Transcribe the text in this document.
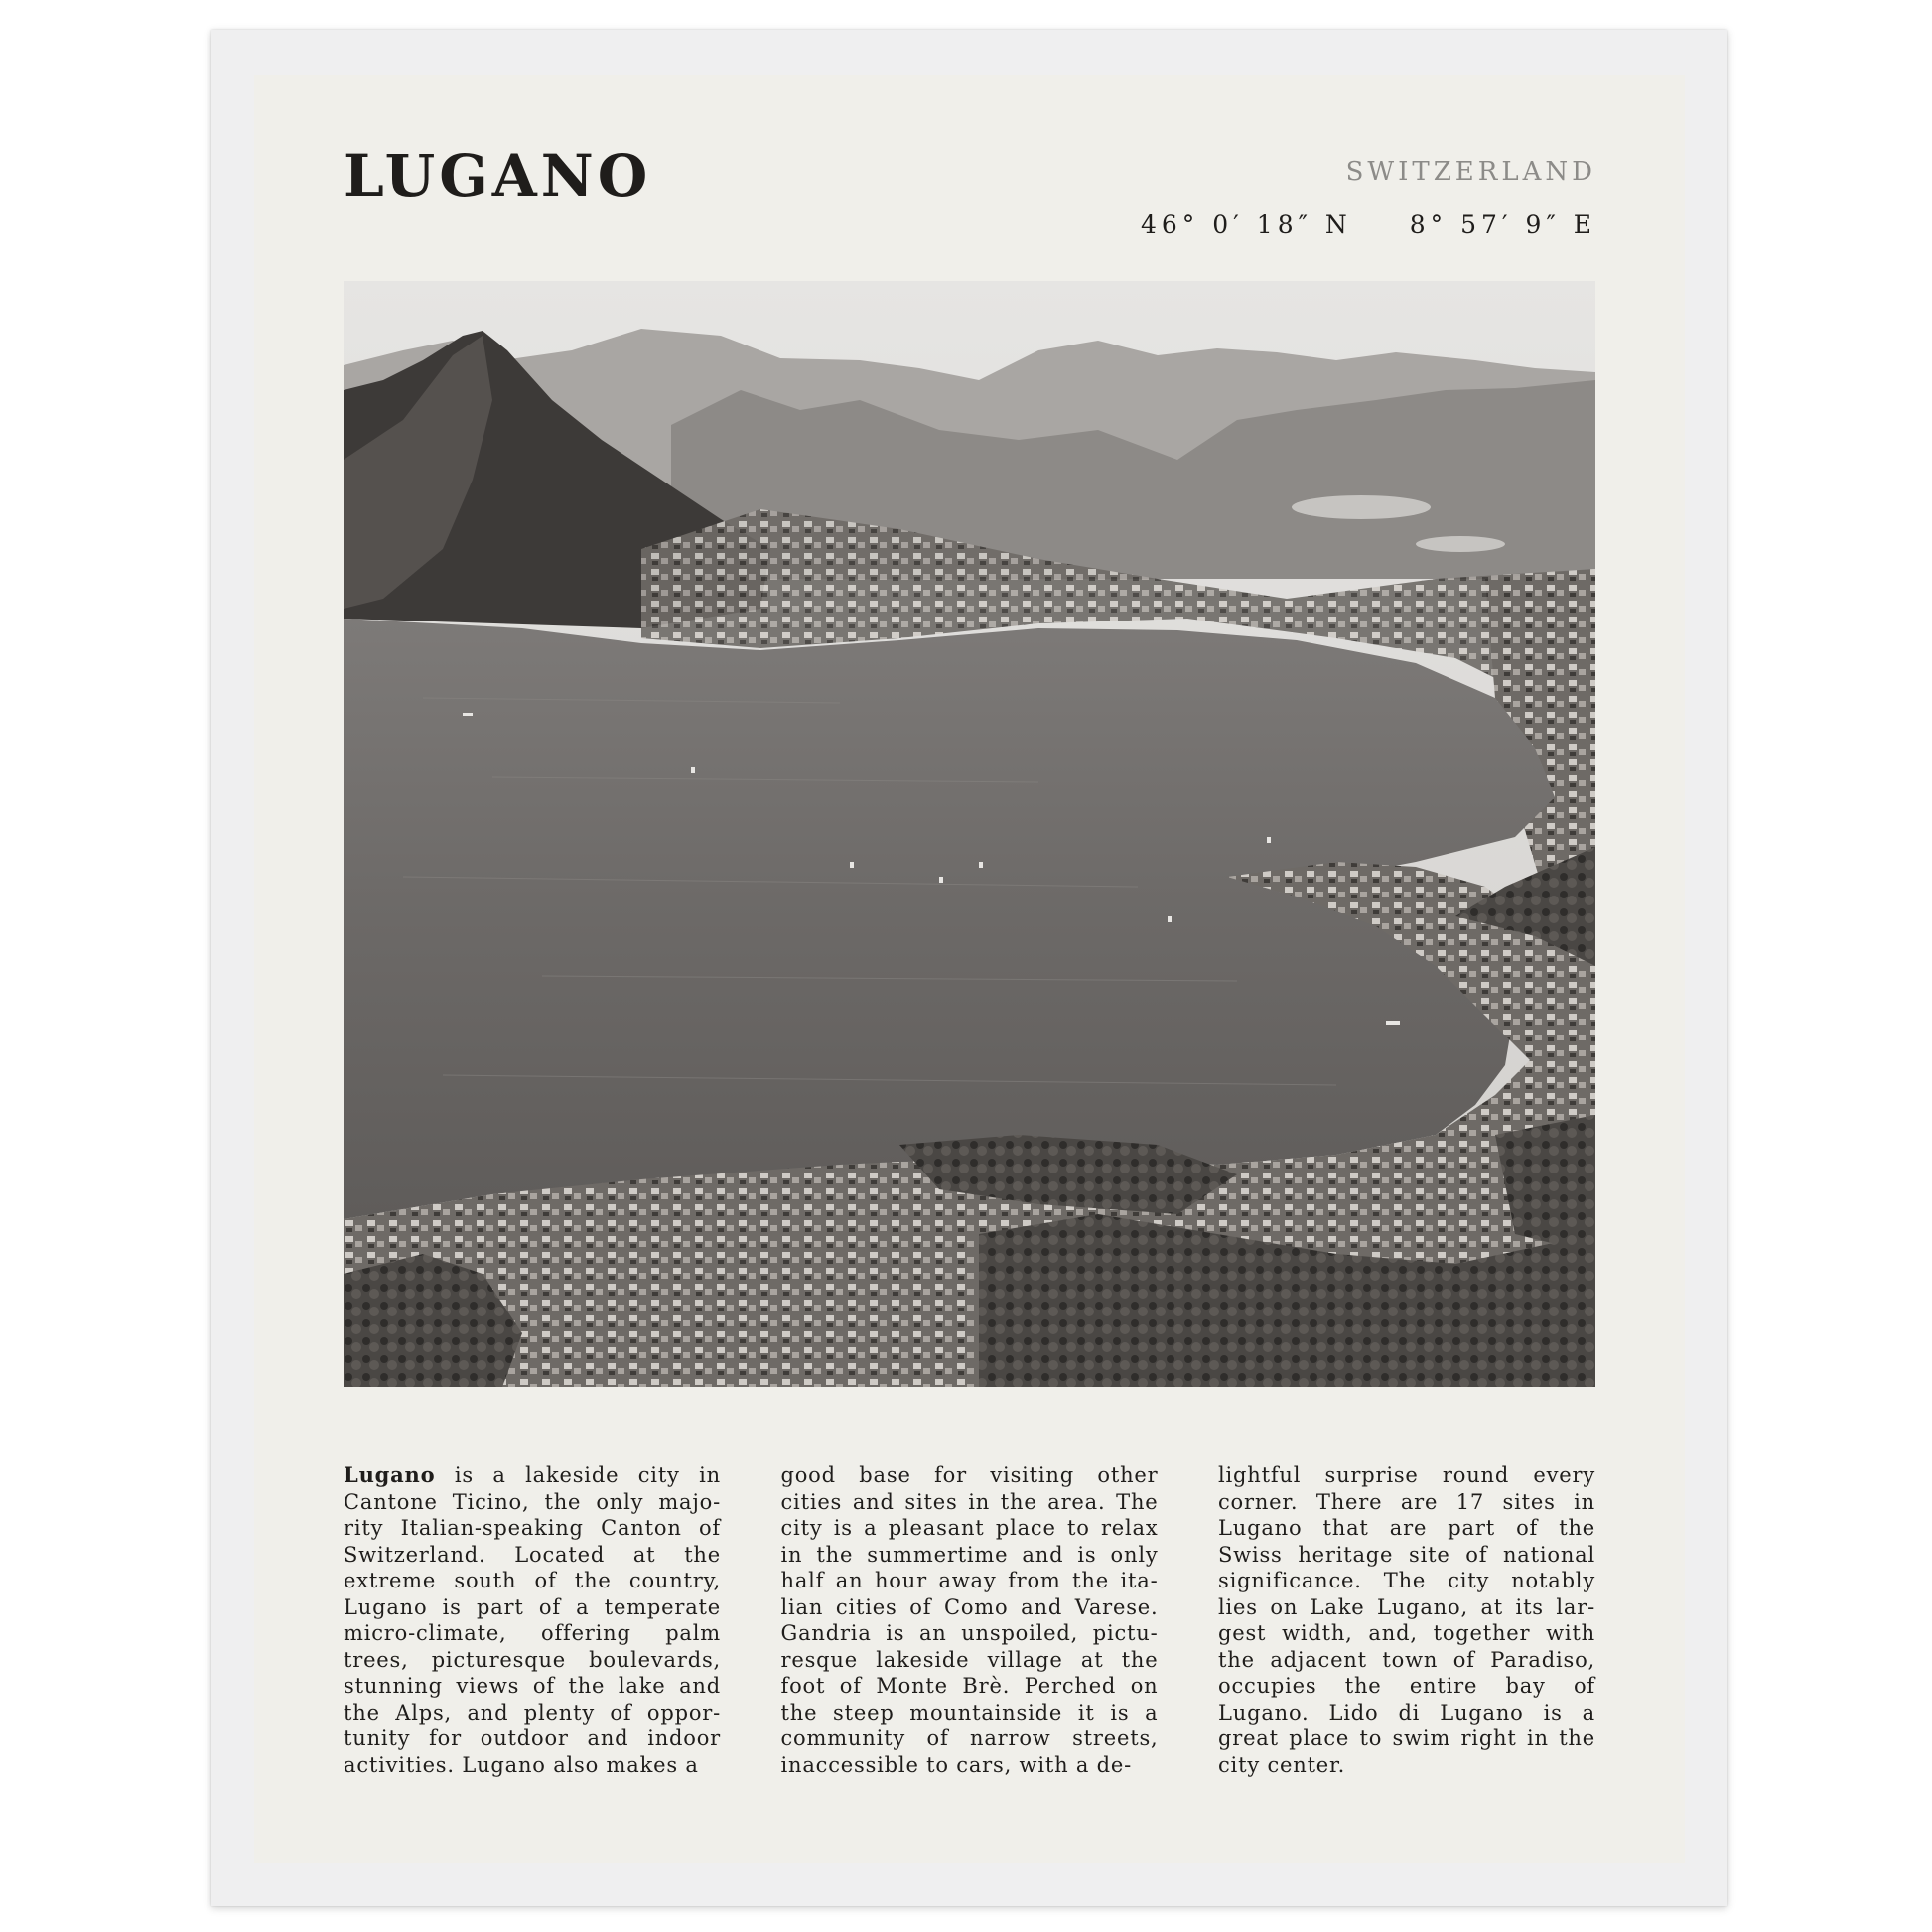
LUGANO	SWITZERLAND
46° 0′ 18″ N 8° 57′ 9″ E
Lugano is a lakeside city in Cantone Ticino, the only majo-rity Italian-speaking Canton of Switzerland. Located at the extreme south of the country, Lugano is part of a temperate micro-climate, offering palm trees, picturesque boulevards, stunning views of the lake and the Alps, and plenty of oppor-tunity for outdoor and indoor activities. Lugano also makes a
good base for visiting other cities and sites in the area. The city is a pleasant place to relax in the summertime and is only half an hour away from the ita-lian cities of Como and Varese. Gandria is an unspoiled, pictu-resque lakeside village at the foot of Monte Brè. Perched on the steep mountainside it is a community of narrow streets, inaccessible to cars, with a de-
lightful surprise round every corner. There are 17 sites in Lugano that are part of the Swiss heritage site of national significance. The city notably lies on Lake Lugano, at its lar-gest width, and, together with the adjacent town of Paradiso, occupies the entire bay of Lugano. Lido di Lugano is a great place to swim right in the city center.
